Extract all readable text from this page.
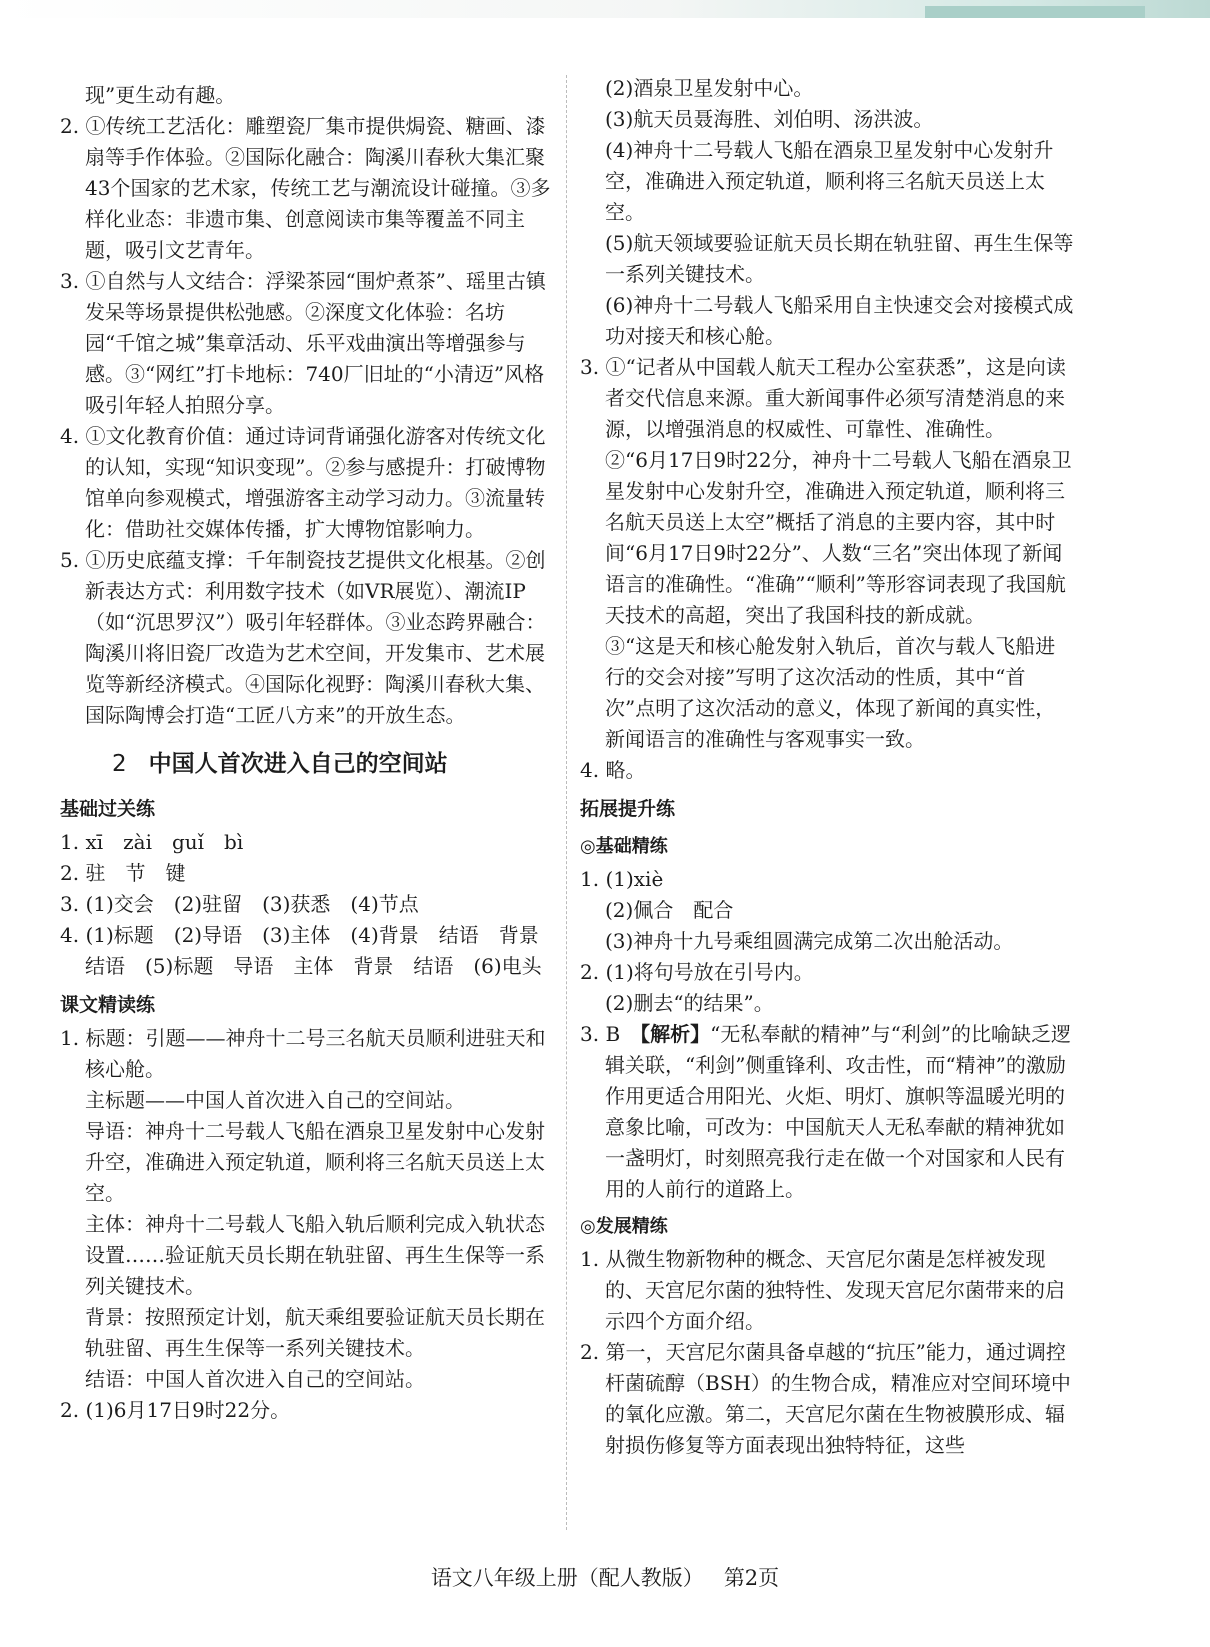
现”更生动有趣。

2. ①传统工艺活化：雕塑瓷厂集市提供焗瓷、糖画、漆扇等手作体验。②国际化融合：陶溪川春秋大集汇聚43个国家的艺术家，传统工艺与潮流设计碰撞。③多样化业态：非遗市集、创意阅读市集等覆盖不同主题，吸引文艺青年。

3. ①自然与人文结合：浮梁茶园“围炉煮茶”、瑶里古镇发呆等场景提供松弛感。②深度文化体验：名坊园“千馆之城”集章活动、乐平戏曲演出等增强参与感。③“网红”打卡地标：740厂旧址的“小清迈”风格吸引年轻人拍照分享。

4. ①文化教育价值：通过诗词背诵强化游客对传统文化的认知，实现“知识变现”。②参与感提升：打破博物馆单向参观模式，增强游客主动学习动力。③流量转化：借助社交媒体传播，扩大博物馆影响力。

5. ①历史底蕴支撑：千年制瓷技艺提供文化根基。②创新表达方式：利用数字技术（如VR展览）、潮流IP（如“沉思罗汉”）吸引年轻群体。③业态跨界融合：陶溪川将旧瓷厂改造为艺术空间，开发集市、艺术展览等新经济模式。④国际化视野：陶溪川春秋大集、国际陶博会打造“工匠八方来”的开放生态。

2 中国人首次进入自己的空间站
基础过关练

1. xī　zài　guǐ　bì

2. 驻　节　键

3. (1)交会　(2)驻留　(3)获悉　(4)节点

4. (1)标题　(2)导语　(3)主体　(4)背景　结语　背景　结语　(5)标题　导语　主体　背景　结语　(6)电头

课文精读练

1. 标题：引题——神舟十二号三名航天员顺利进驻天和核心舱。

主标题——中国人首次进入自己的空间站。

导语：神舟十二号载人飞船在酒泉卫星发射中心发射升空，准确进入预定轨道，顺利将三名航天员送上太空。

主体：神舟十二号载人飞船入轨后顺利完成入轨状态设置……验证航天员长期在轨驻留、再生生保等一系列关键技术。

背景：按照预定计划，航天乘组要验证航天员长期在轨驻留、再生生保等一系列关键技术。

结语：中国人首次进入自己的空间站。

2. (1)6月17日9时22分。

(2)酒泉卫星发射中心。

(3)航天员聂海胜、刘伯明、汤洪波。

(4)神舟十二号载人飞船在酒泉卫星发射中心发射升空，准确进入预定轨道，顺利将三名航天员送上太空。

(5)航天领域要验证航天员长期在轨驻留、再生生保等一系列关键技术。

(6)神舟十二号载人飞船采用自主快速交会对接模式成功对接天和核心舱。

3. ①“记者从中国载人航天工程办公室获悉”，这是向读者交代信息来源。重大新闻事件必须写清楚消息的来源，以增强消息的权威性、可靠性、准确性。

②“6月17日9时22分，神舟十二号载人飞船在酒泉卫星发射中心发射升空，准确进入预定轨道，顺利将三名航天员送上太空”概括了消息的主要内容，其中时间“6月17日9时22分”、人数“三名”突出体现了新闻语言的准确性。“准确”“顺利”等形容词表现了我国航天技术的高超，突出了我国科技的新成就。

③“这是天和核心舱发射入轨后，首次与载人飞船进行的交会对接”写明了这次活动的性质，其中“首次”点明了这次活动的意义，体现了新闻的真实性，新闻语言的准确性与客观事实一致。

4. 略。

拓展提升练
◎基础精练

1. (1)xiè

(2)佩合　配合

(3)神舟十九号乘组圆满完成第二次出舱活动。

2. (1)将句号放在引号内。

(2)删去“的结果”。

3. B　【解析】“无私奉献的精神”与“利剑”的比喻缺乏逻辑关联，“利剑”侧重锋利、攻击性，而“精神”的激励作用更适合用阳光、火炬、明灯、旗帜等温暖光明的意象比喻，可改为：中国航天人无私奉献的精神犹如一盏明灯，时刻照亮我行走在做一个对国家和人民有用的人前行的道路上。

◎发展精练

1. 从微生物新物种的概念、天宫尼尔菌是怎样被发现的、天宫尼尔菌的独特性、发现天宫尼尔菌带来的启示四个方面介绍。

2. 第一，天宫尼尔菌具备卓越的“抗压”能力，通过调控杆菌硫醇（BSH）的生物合成，精准应对空间环境中的氧化应激。第二，天宫尼尔菌在生物被膜形成、辐射损伤修复等方面表现出独特特征，这些

语文八年级上册（配人教版） 第2页
